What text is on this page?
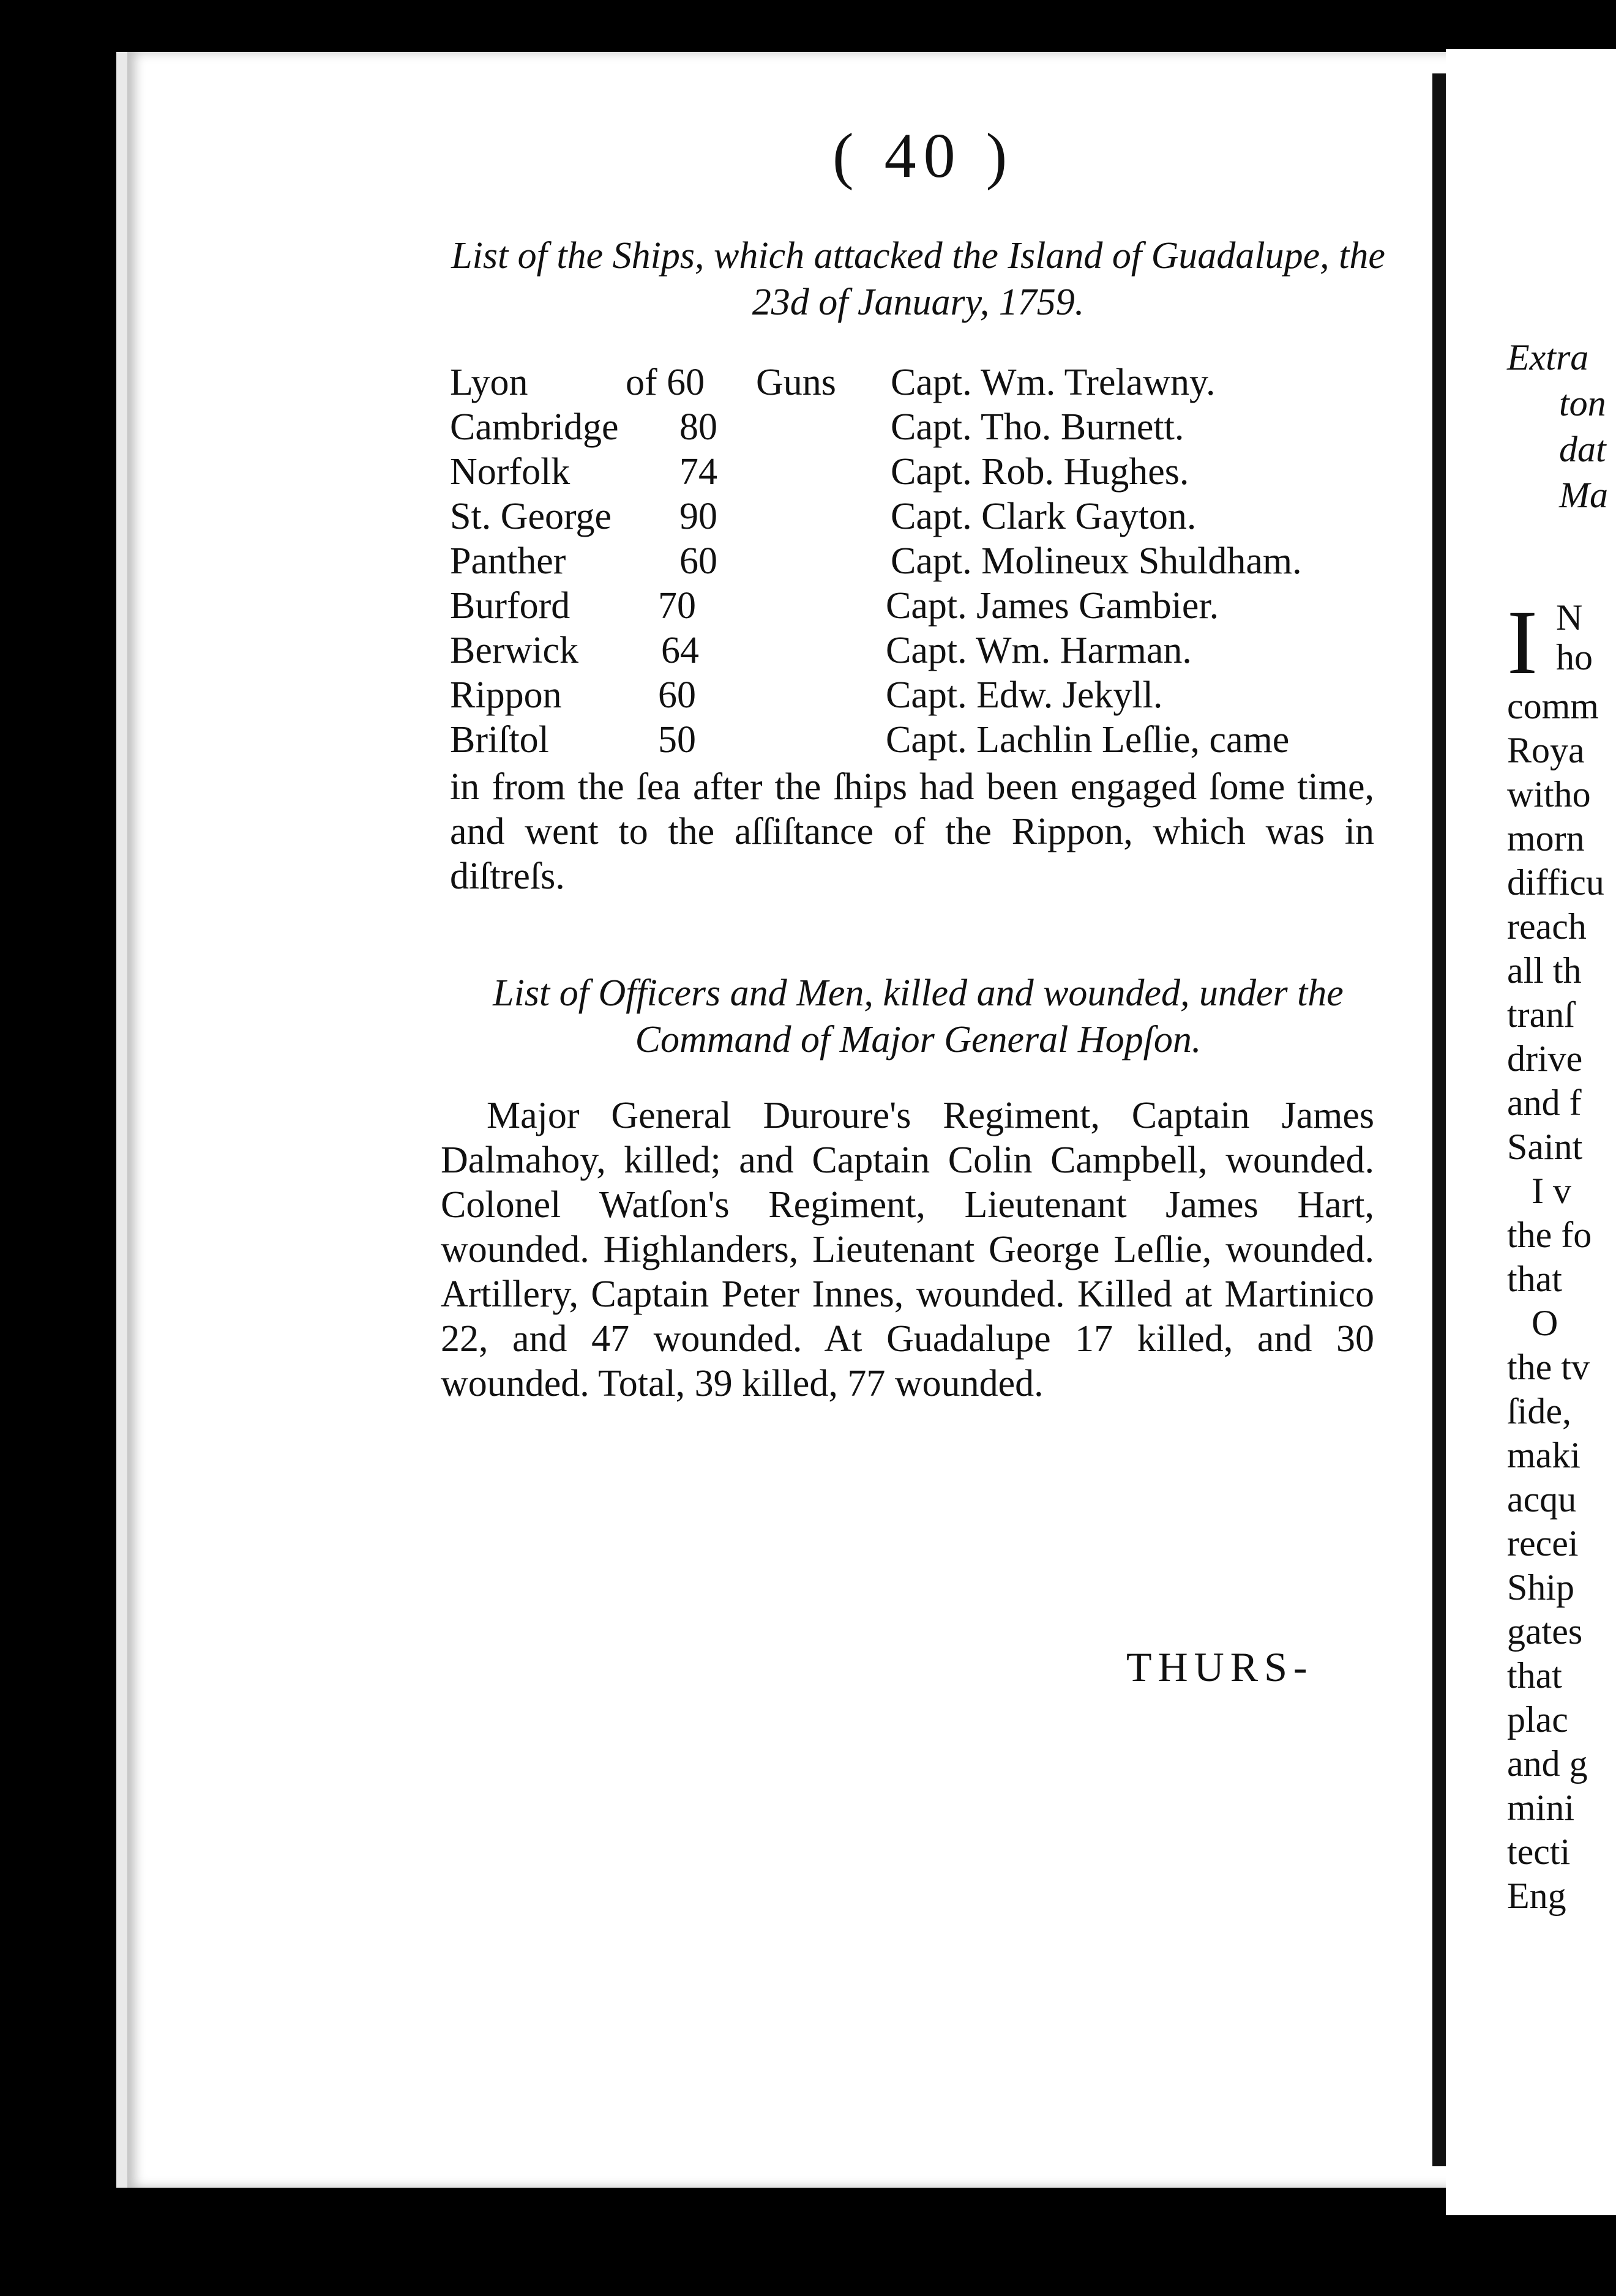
( 40 )
List of the Ships, which attacked the Island of Guadalupe, the 23d of January, 1759.
Lyon	of 60 Guns Capt. Wm. Trelawny.
Cambridge 80	Capt. Tho. Burnett.
Norfolk	74	Capt. Rob. Hughes.
St. George 90	Capt. Clark Gayton.
Panther	60	Capt. Molineux Shuldham.
Burford 70	Capt. James Gambier.
Berwick 64	Capt. Wm. Harman.
Rippon	60	Capt. Edw. Jekyll.
Briſtol	50	Capt. Lachlin Leſlie, came
in from the ſea after the ſhips had been engaged ſome time, and went to the aſſiſtance of the Rippon, which was in diſtreſs.
List of Officers and Men, killed and wounded, under the Command of Major General Hopſon.
Major General Duroure's Regiment, Captain James Dalmahoy, killed; and Captain Colin Campbell, wounded. Colonel Watſon's Regiment, Lieutenant James Hart, wounded. Highlanders, Lieutenant George Leſlie, wounded. Artillery, Captain Peter Innes, wounded. Killed at Martinico 22, and 47 wounded. At Guadalupe 17 killed, and 30 wounded. Total, 39 killed, 77 wounded.
THURS-
Extra
ton
dat
Ma
I N
ho
comm
Roya
witho
morn
difficu
reach
all th
tranſ
drive
and f
Saint
I v
the fo
that
O
the tv
ſide,
maki
acqu
recei
Ship
gates
that
plac
and g
mini
tecti
Eng
